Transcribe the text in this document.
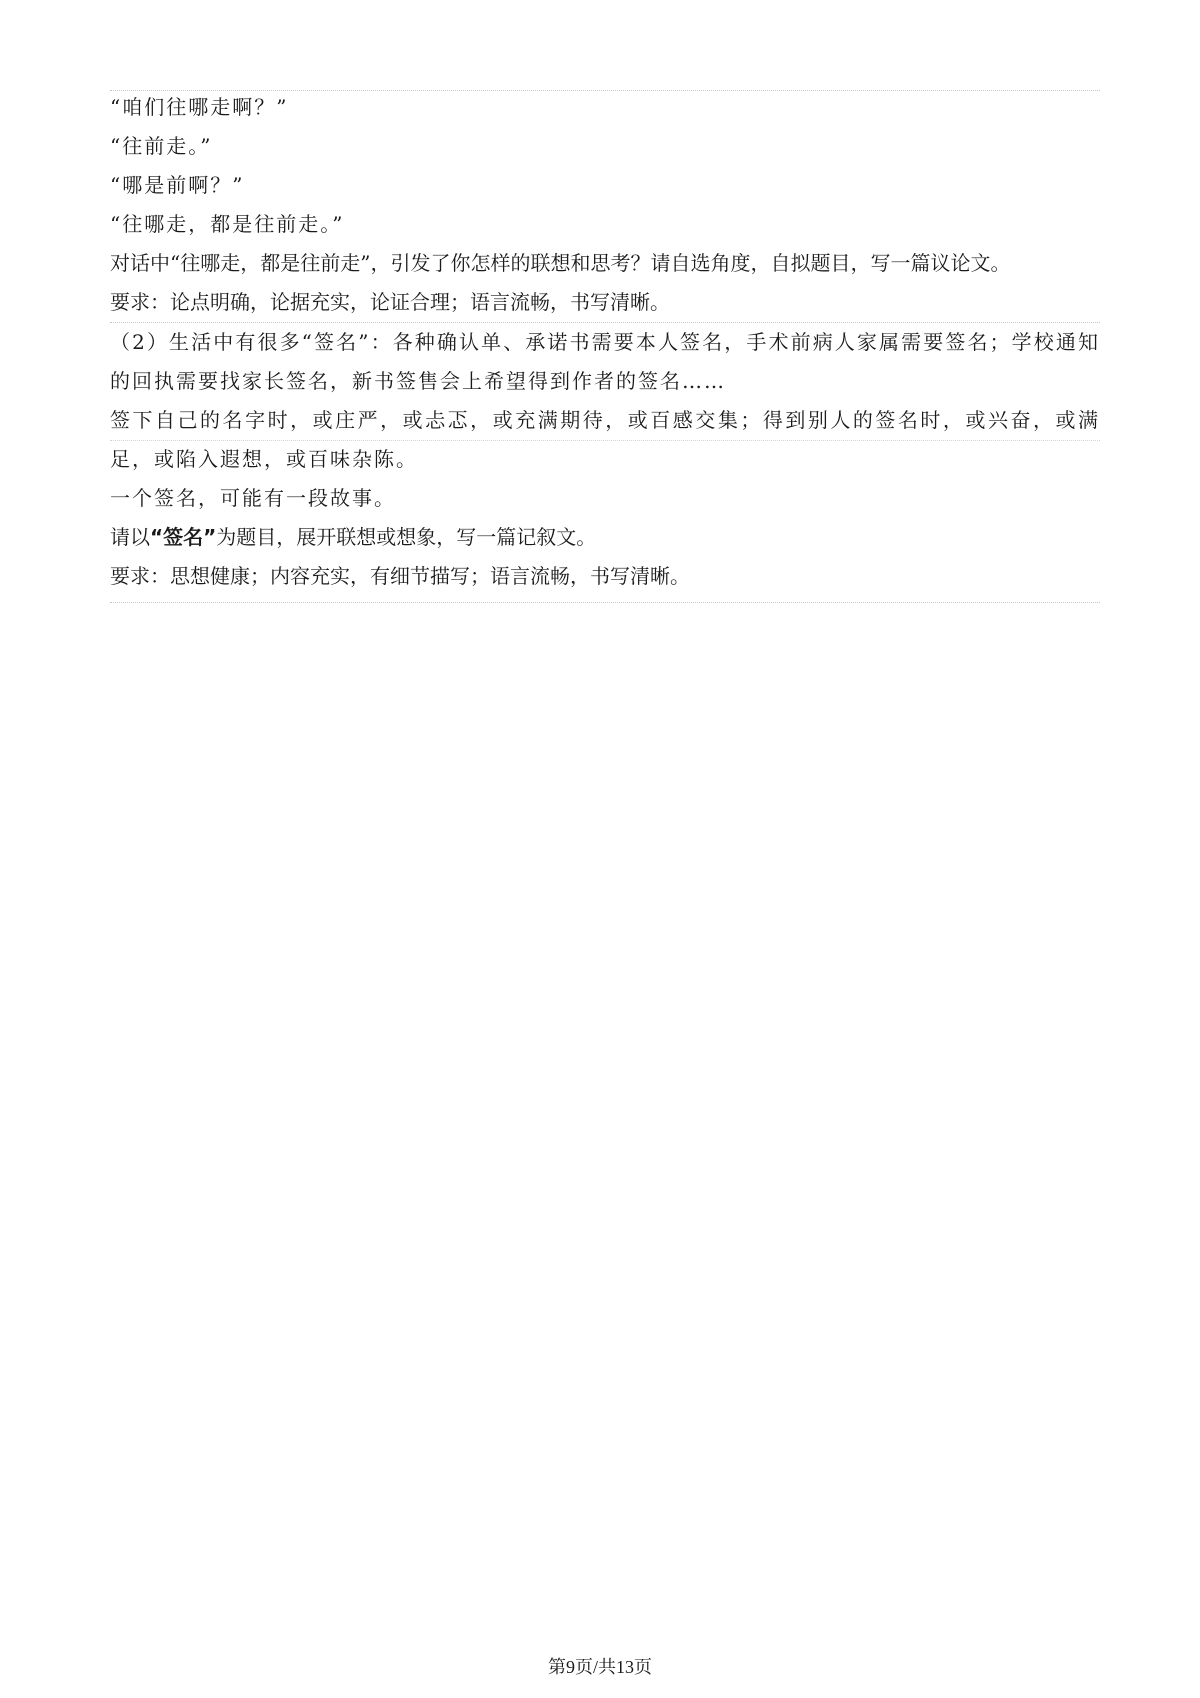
“咱们往哪走啊？”

“往前走。”

“哪是前啊？”

“往哪走，都是往前走。”

对话中“往哪走，都是往前走”，引发了你怎样的联想和思考？请自选角度，自拟题目，写一篇议论文。

要求：论点明确，论据充实，论证合理；语言流畅，书写清晰。

（2）生活中有很多“签名”：各种确认单、承诺书需要本人签名，手术前病人家属需要签名；学校通知的回执需要找家长签名，新书签售会上希望得到作者的签名……

签下自己的名字时，或庄严，或忐忑，或充满期待，或百感交集；得到别人的签名时，或兴奋，或满足，或陷入遐想，或百味杂陈。

一个签名，可能有一段故事。

请以“签名”为题目，展开联想或想象，写一篇记叙文。

要求：思想健康；内容充实，有细节描写；语言流畅，书写清晰。

第9页/共13页
